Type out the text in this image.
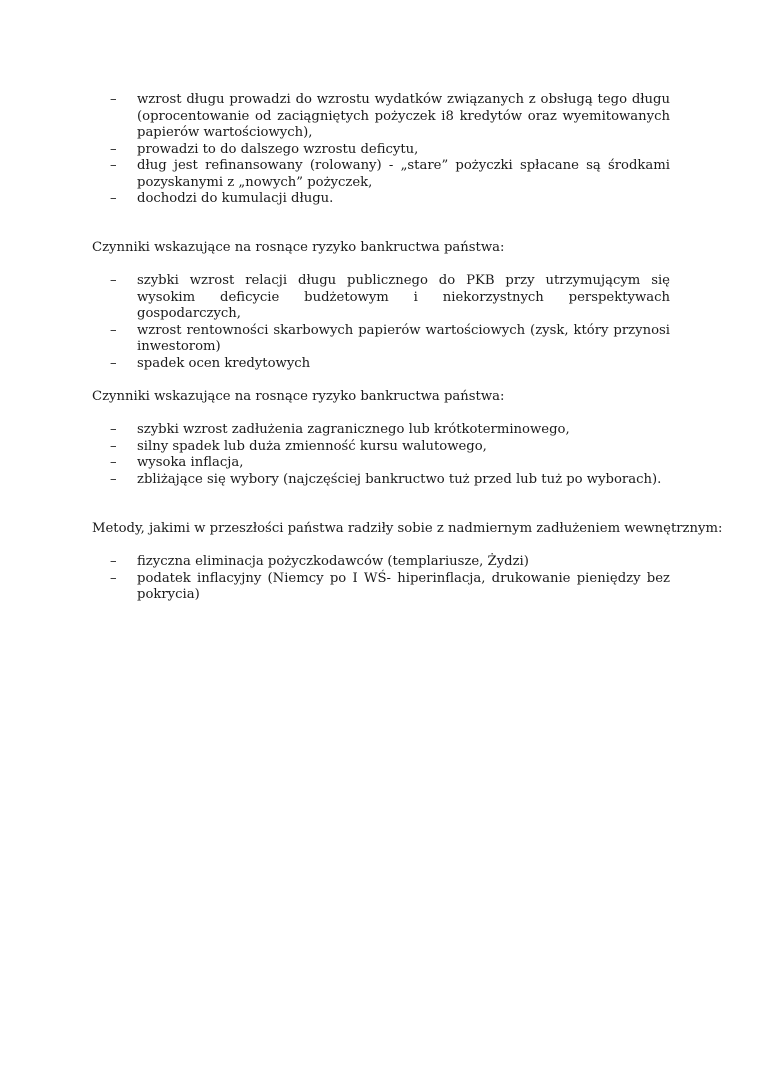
– wzrost długu prowadzi do wzrostu wydatków związanych z obsługą tego długu (oprocentowanie od zaciągniętych pożyczek i8 kredytów oraz wyemitowanych papierów wartościowych),
– prowadzi to do dalszego wzrostu deficytu,
– dług jest refinansowany (rolowany) - „stare” pożyczki spłacane są środkami pozyskanymi z „nowych” pożyczek,
– dochodzi do kumulacji długu.
Czynniki wskazujące na rosnące ryzyko bankructwa państwa:
– szybki wzrost relacji długu publicznego do PKB przy utrzymującym się wysokim deficycie budżetowym i niekorzystnych perspektywach gospodarczych,
– wzrost rentowności skarbowych papierów wartościowych (zysk, który przynosi inwestorom)
– spadek ocen kredytowych
Czynniki wskazujące na rosnące ryzyko bankructwa państwa:
– szybki wzrost zadłużenia zagranicznego lub krótkoterminowego,
– silny spadek lub duża zmienność kursu walutowego,
– wysoka inflacja,
– zbliżające się wybory (najczęściej bankructwo tuż przed lub tuż po wyborach).
Metody, jakimi w przeszłości państwa radziły sobie z nadmiernym zadłużeniem wewnętrznym:
– fizyczna eliminacja pożyczkodawców (templariusze, Żydzi)
– podatek inflacyjny (Niemcy po I WŚ- hiperinflacja, drukowanie pieniędzy bez pokrycia)
